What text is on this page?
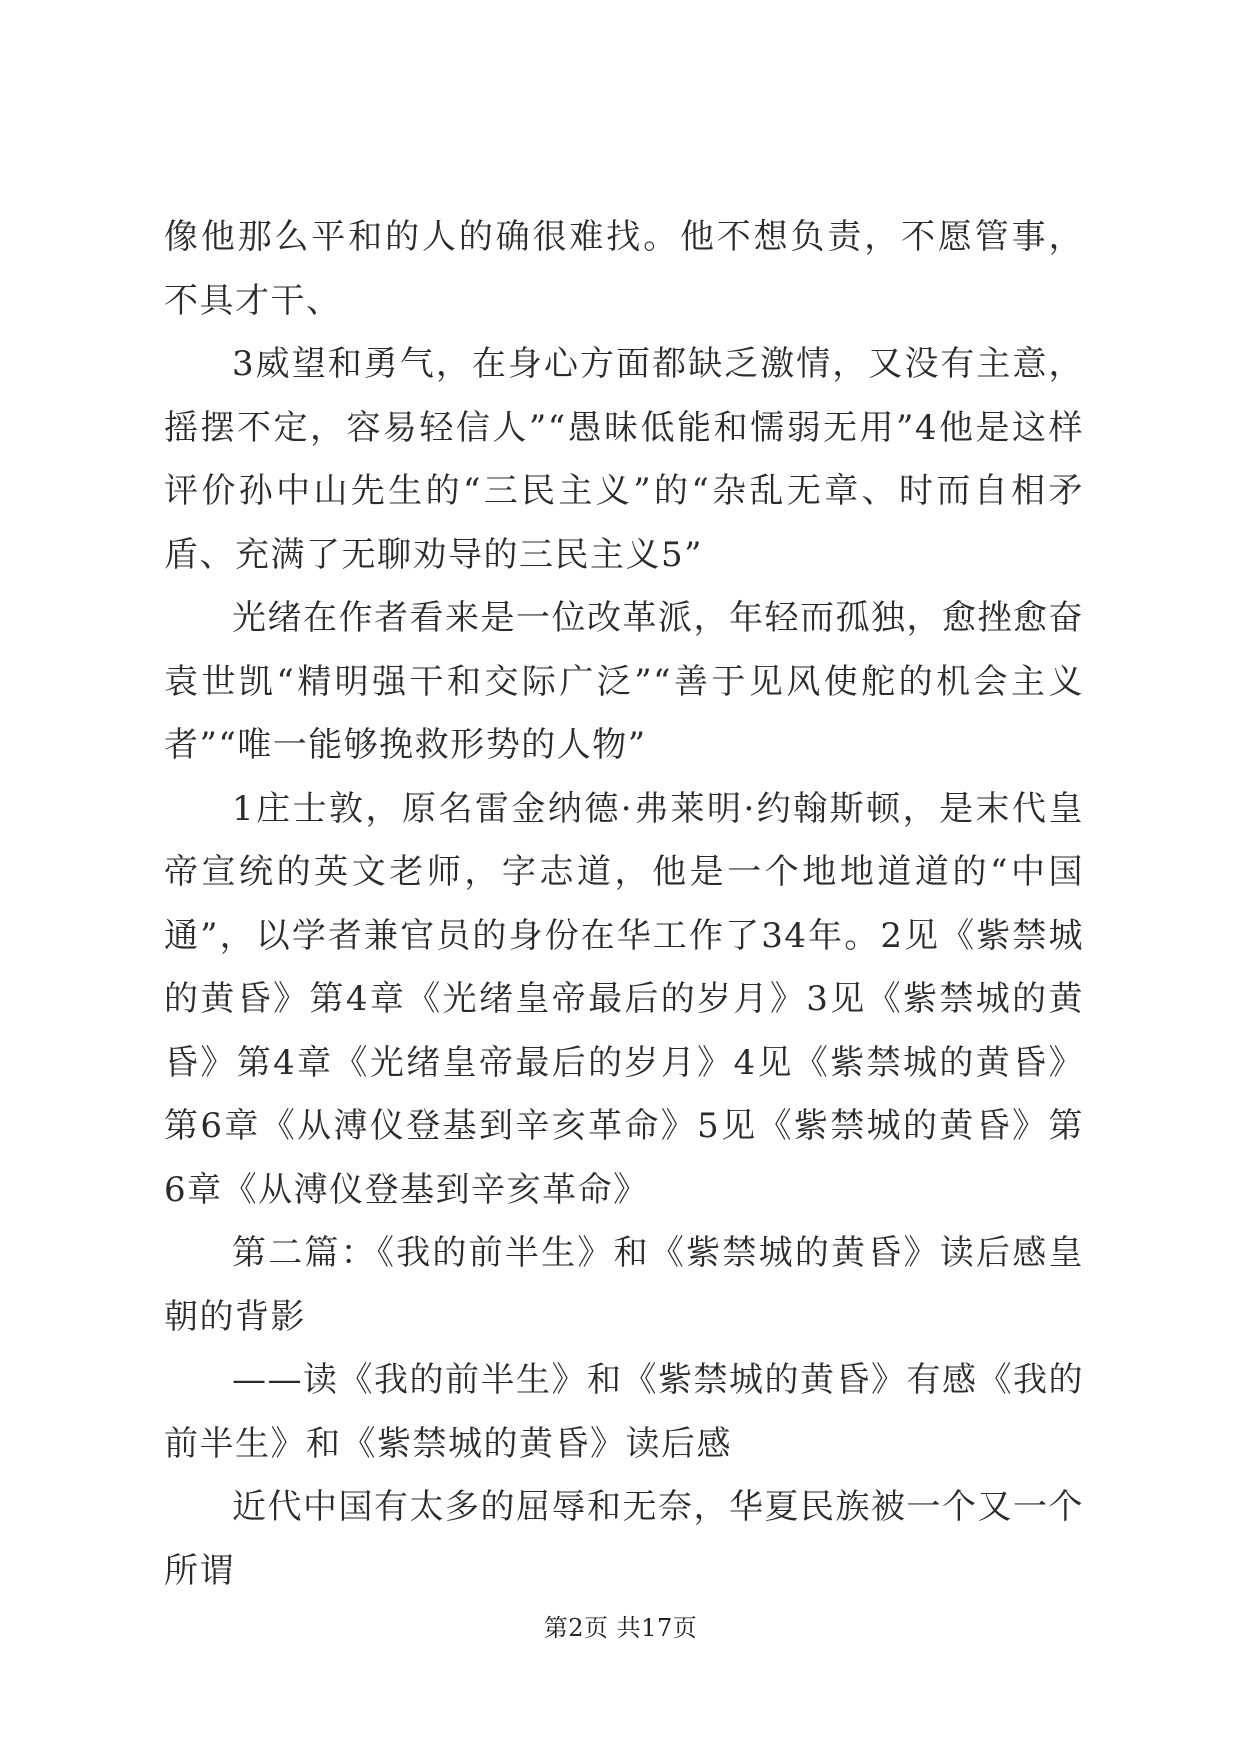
像他那么平和的人的确很难找。他不想负责，不愿管事，不具才干、

3威望和勇气，在身心方面都缺乏激情，又没有主意，摇摆不定，容易轻信人”“愚昧低能和懦弱无用”4他是这样评价孙中山先生的“三民主义”的“杂乱无章、时而自相矛盾、充满了无聊劝导的三民主义5”

光绪在作者看来是一位改革派，年轻而孤独，愈挫愈奋袁世凯“精明强干和交际广泛”“善于见风使舵的机会主义者”“唯一能够挽救形势的人物”

1庄士敦，原名雷金纳德·弗莱明·约翰斯顿，是末代皇帝宣统的英文老师，字志道，他是一个地地道道的“中国通”，以学者兼官员的身份在华工作了34年。2见《紫禁城的黄昏》第4章《光绪皇帝最后的岁月》3见《紫禁城的黄昏》第4章《光绪皇帝最后的岁月》4见《紫禁城的黄昏》第6章《从溥仪登基到辛亥革命》5见《紫禁城的黄昏》第6章《从溥仪登基到辛亥革命》

第二篇：《我的前半生》和《紫禁城的黄昏》读后感皇朝的背影

——读《我的前半生》和《紫禁城的黄昏》有感《我的前半生》和《紫禁城的黄昏》读后感

近代中国有太多的屈辱和无奈，华夏民族被一个又一个所谓

第2页 共17页
